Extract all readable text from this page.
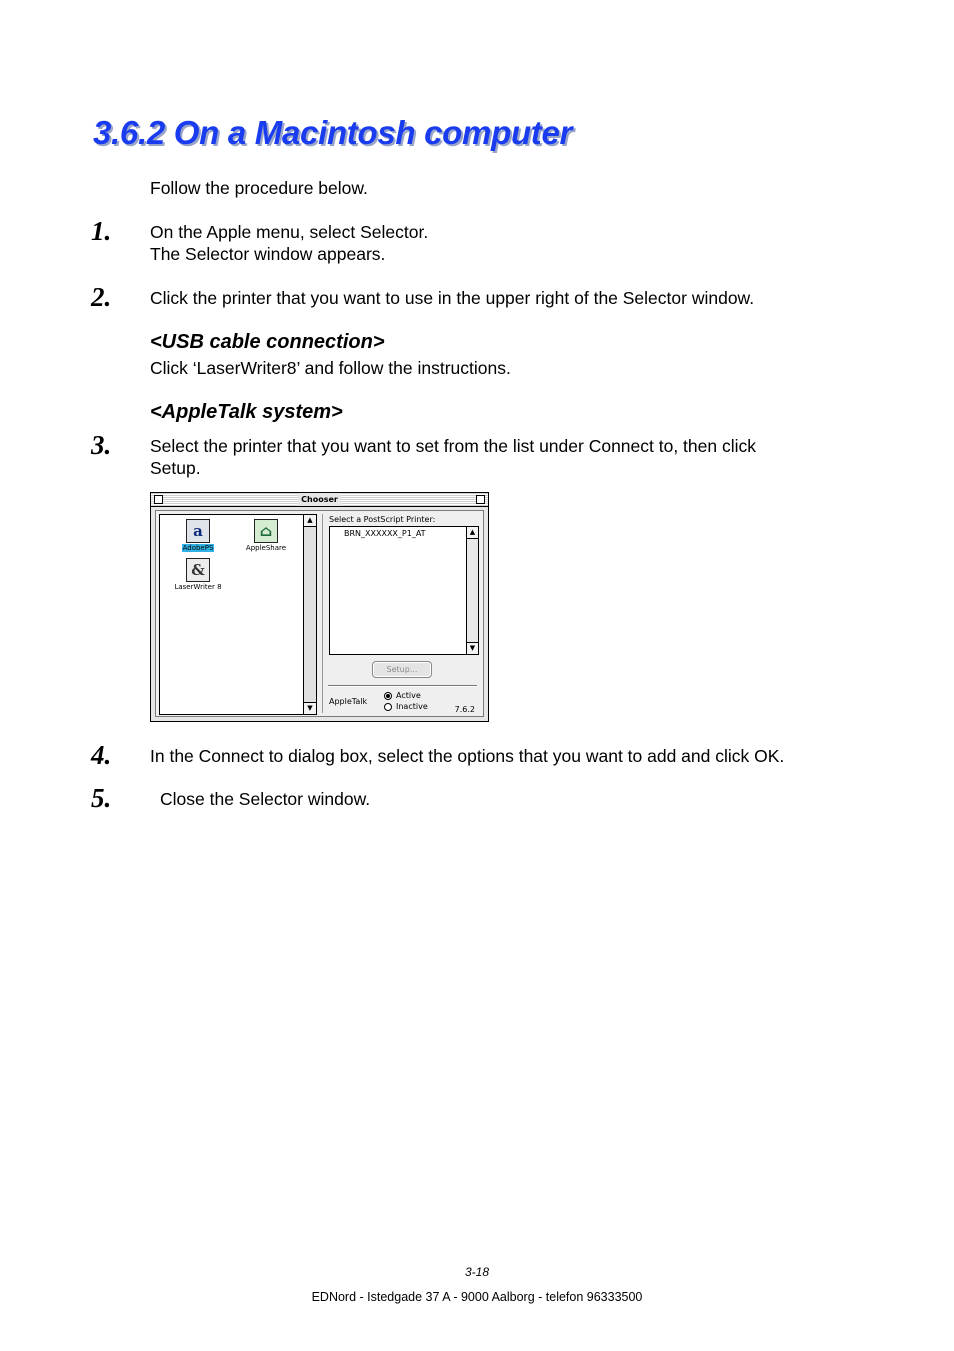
3.6.2 On a Macintosh computer
Follow the procedure below.
1. On the Apple menu, select Selector.
The Selector window appears.
2. Click the printer that you want to use in the upper right of the Selector window.
<USB cable connection>
Click ‘LaserWriter8’ and follow the instructions.
<AppleTalk system>
3. Select the printer that you want to set from the list under Connect to, then click
Setup.
Chooser
a
AdobePS
⌂
AppleShare
&
LaserWriter 8
▲
▼
Select a PostScript Printer:
BRN_XXXXXX_P1_AT	▲
▼
Setup...
AppleTalk
Active
Inactive	7.6.2
4. In the Connect to dialog box, select the options that you want to add and click OK.
5.	Close the Selector window.
3-18
EDNord - Istedgade 37 A - 9000 Aalborg - telefon 96333500
